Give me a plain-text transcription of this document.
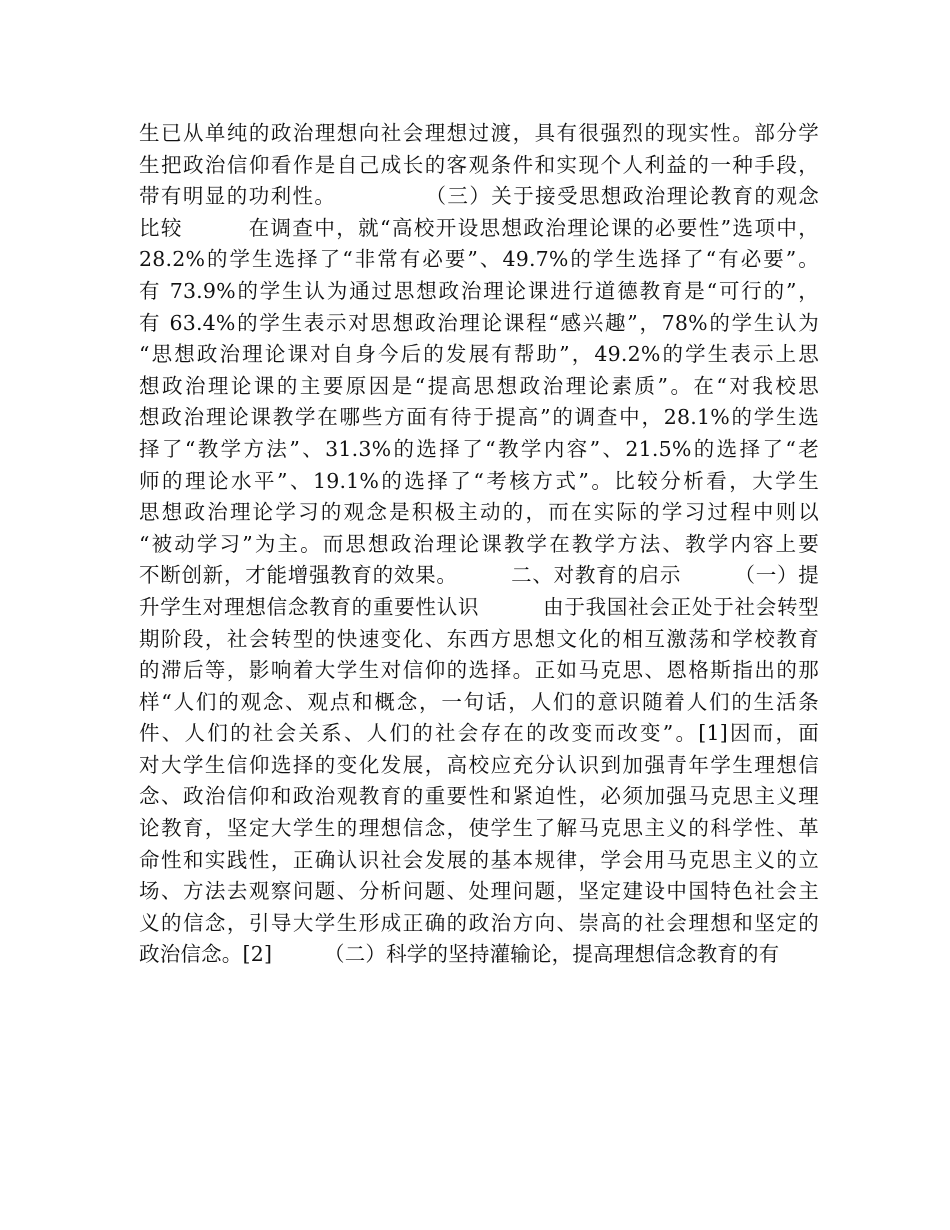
生已从单纯的政治理想向社会理想过渡，具有很强烈的现实性。部分学
生把政治信仰看作是自己成长的客观条件和实现个人利益的一种手段，
带有明显的功利性。　　　　　（三）关于接受思想政治理论教育的观念
比较　　　在调查中，就“高校开设思想政治理论课的必要性”选项中，
28.2%的学生选择了“非常有必要”、49.7%的学生选择了“有必要”。
有 73.9%的学生认为通过思想政治理论课进行道德教育是“可行的”，
有 63.4%的学生表示对思想政治理论课程“感兴趣”，78%的学生认为
“思想政治理论课对自身今后的发展有帮助”，49.2%的学生表示上思
想政治理论课的主要原因是“提高思想政治理论素质”。在“对我校思
想政治理论课教学在哪些方面有待于提高”的调查中，28.1%的学生选
择了“教学方法”、31.3%的选择了“教学内容”、21.5%的选择了“老
师的理论水平”、19.1%的选择了“考核方式”。比较分析看，大学生
思想政治理论学习的观念是积极主动的，而在实际的学习过程中则以
“被动学习”为主。而思想政治理论课教学在教学方法、教学内容上要
不断创新，才能增强教育的效果。　　　二、对教育的启示　　　（一）提
升学生对理想信念教育的重要性认识　　　由于我国社会正处于社会转型
期阶段，社会转型的快速变化、东西方思想文化的相互激荡和学校教育
的滞后等，影响着大学生对信仰的选择。正如马克思、恩格斯指出的那
样“人们的观念、观点和概念，一句话，人们的意识随着人们的生活条
件、人们的社会关系、人们的社会存在的改变而改变”。[1]因而，面
对大学生信仰选择的变化发展，高校应充分认识到加强青年学生理想信
念、政治信仰和政治观教育的重要性和紧迫性，必须加强马克思主义理
论教育，坚定大学生的理想信念，使学生了解马克思主义的科学性、革
命性和实践性，正确认识社会发展的基本规律，学会用马克思主义的立
场、方法去观察问题、分析问题、处理问题，坚定建设中国特色社会主
义的信念，引导大学生形成正确的政治方向、崇高的社会理想和坚定的
政治信念。[2]　　　（二）科学的坚持灌输论，提高理想信念教育的有
